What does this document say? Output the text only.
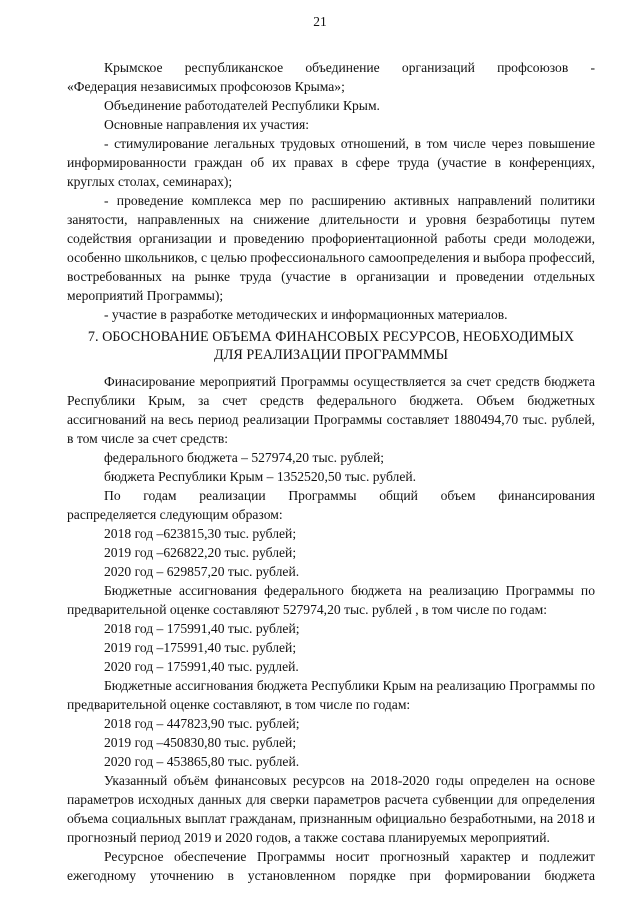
21

Крымское республиканское объединение организаций профсоюзов -

«Федерация независимых профсоюзов Крыма»;

Объединение работодателей Республики Крым.

Основные направления их участия:

- стимулирование легальных трудовых отношений, в том числе через повышение информированности граждан об их правах в сфере труда (участие в конференциях, круглых столах, семинарах);

- проведение комплекса мер по расширению активных направлений политики занятости, направленных на снижение длительности и уровня безработицы путем содействия организации и проведению профориентационной работы среди молодежи, особенно школьников, с целью профессионального самоопределения и выбора профессий, востребованных на рынке труда (участие в организации и проведении отдельных мероприятий Программы);

- участие в разработке методических и информационных материалов.

7. ОБОСНОВАНИЕ ОБЪЕМА ФИНАНСОВЫХ РЕСУРСОВ, НЕОБХОДИМЫХ
ДЛЯ РЕАЛИЗАЦИИ ПРОГРАМММЫ

Финасирование мероприятий Программы осуществляется за счет средств бюджета Республики Крым, за счет средств федерального бюджета. Объем бюджетных ассигнований на весь период реализации Программы составляет 1880494,70 тыс. рублей, в том числе за счет средств:

федерального бюджета – 527974,20 тыс. рублей;

бюджета Республики Крым – 1352520,50 тыс. рублей.

По годам реализации Программы общий объем финансирования

распределяется следующим образом:

2018 год –623815,30 тыс. рублей;

2019 год –626822,20 тыс. рублей;

2020 год – 629857,20 тыс. рублей.

Бюджетные ассигнования федерального бюджета на реализацию Программы по предварительной оценке составляют 527974,20 тыс. рублей , в том числе по годам:

2018 год – 175991,40 тыс. рублей;

2019 год –175991,40 тыс. рублей;

2020 год – 175991,40 тыс. рудлей.

Бюджетные ассигнования бюджета Республики Крым на реализацию Программы по предварительной оценке составляют, в том числе по годам:

2018 год – 447823,90 тыс. рублей;

2019 год –450830,80 тыс. рублей;

2020 год – 453865,80 тыс. рублей.

Указанный объём финансовых ресурсов на 2018-2020 годы определен на основе параметров исходных данных для сверки параметров расчета субвенции для определения объема социальных выплат гражданам, признанным официально безработными, на 2018 и прогнозный период 2019 и 2020 годов, а также состава планируемых мероприятий.

Ресурсное обеспечение Программы носит прогнозный характер и подлежит

ежегодному уточнению в установленном порядке при формировании бюджета
